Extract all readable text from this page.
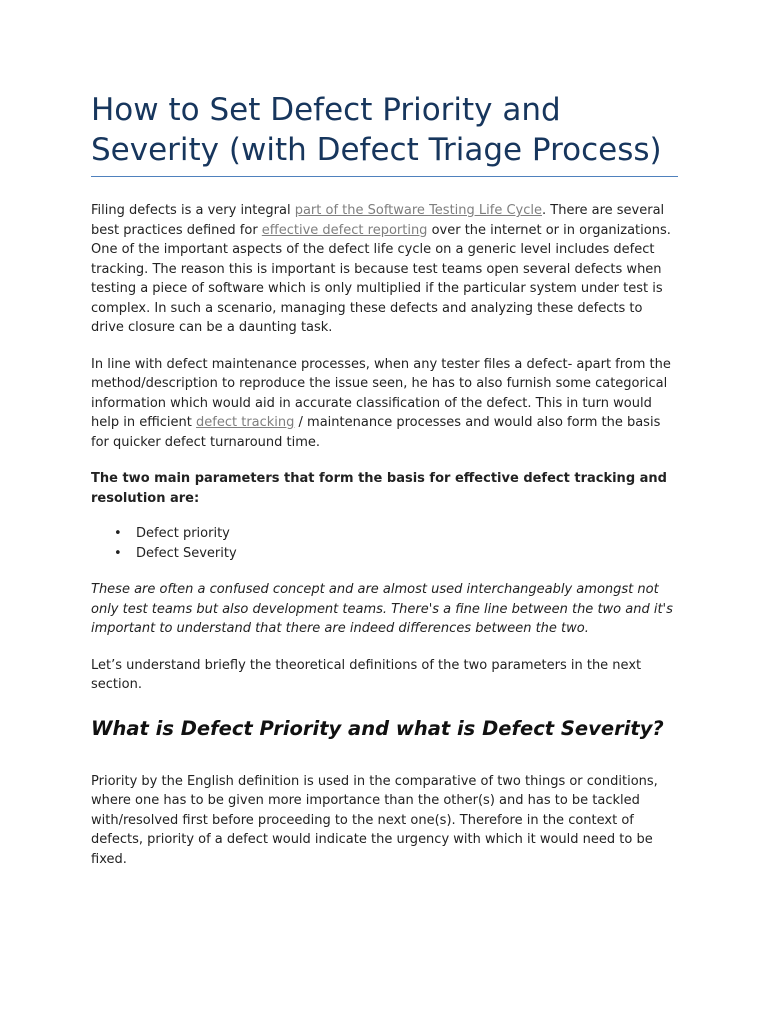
How to Set Defect Priority and Severity (with Defect Triage Process)

Filing defects is a very integral part of the Software Testing Life Cycle. There are several best practices defined for effective defect reporting over the internet or in organizations. One of the important aspects of the defect life cycle on a generic level includes defect tracking. The reason this is important is because test teams open several defects when testing a piece of software which is only multiplied if the particular system under test is complex. In such a scenario, managing these defects and analyzing these defects to drive closure can be a daunting task.

In line with defect maintenance processes, when any tester files a defect- apart from the method/description to reproduce the issue seen, he has to also furnish some categorical information which would aid in accurate classification of the defect. This in turn would help in efficient defect tracking / maintenance processes and would also form the basis for quicker defect turnaround time.

The two main parameters that form the basis for effective defect tracking and resolution are:

• Defect priority
• Defect Severity

These are often a confused concept and are almost used interchangeably amongst not only test teams but also development teams. There's a fine line between the two and it's important to understand that there are indeed differences between the two.

Let’s understand briefly the theoretical definitions of the two parameters in the next section.

What is Defect Priority and what is Defect Severity?

Priority by the English definition is used in the comparative of two things or conditions, where one has to be given more importance than the other(s) and has to be tackled with/resolved first before proceeding to the next one(s). Therefore in the context of defects, priority of a defect would indicate the urgency with which it would need to be fixed.
